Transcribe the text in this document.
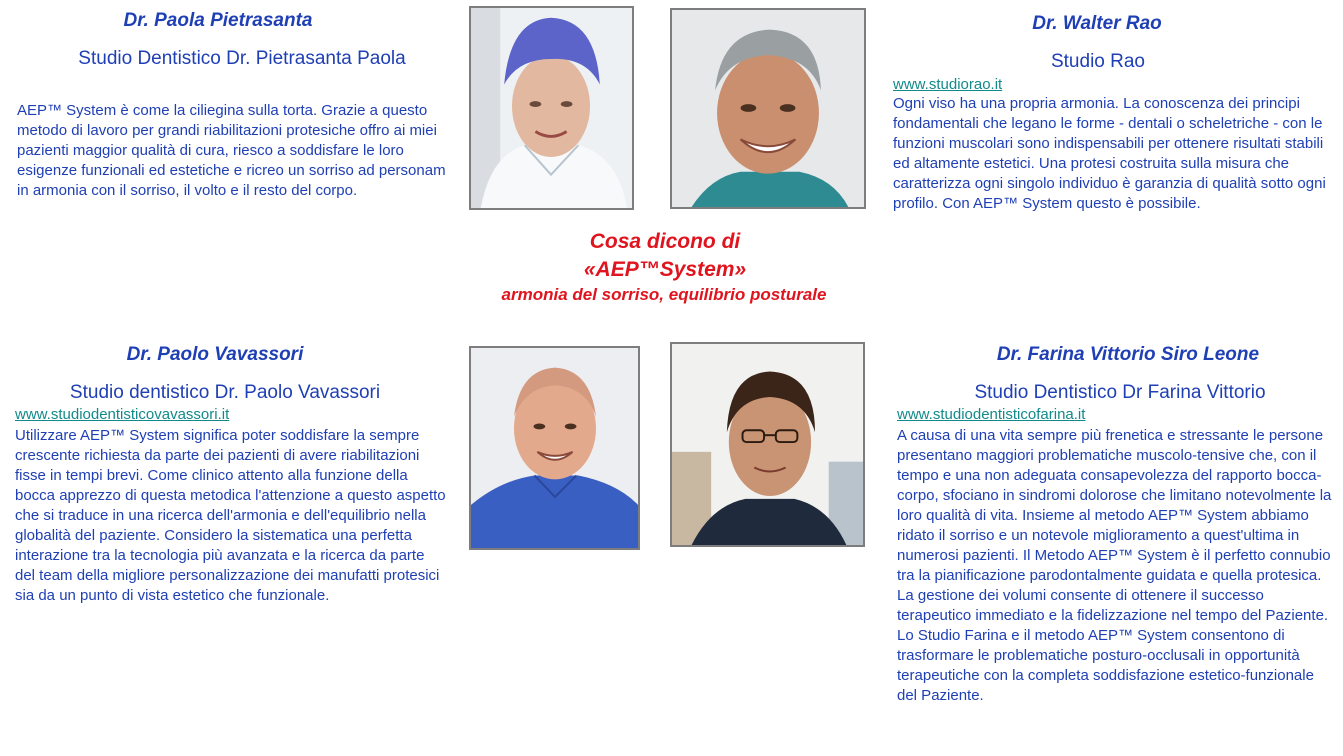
Dr. Paola Pietrasanta
Studio Dentistico Dr. Pietrasanta Paola
AEP™ System è come la ciliegina sulla torta. Grazie a questo metodo di lavoro per grandi riabilitazioni protesiche offro ai miei pazienti maggior qualità di cura, riesco a soddisfare le loro esigenze funzionali ed estetiche e ricreo un sorriso ad personam in armonia con il sorriso, il volto e il resto del corpo.
Dr. Walter Rao
Studio Rao
www.studiorao.it
Ogni viso ha una propria armonia. La conoscenza dei principi fondamentali che legano le forme - dentali o scheletriche - con le funzioni muscolari sono indispensabili per ottenere risultati stabili ed altamente estetici. Una protesi costruita sulla misura che caratterizza ogni singolo individuo è garanzia di qualità sotto ogni profilo. Con AEP™ System questo è possibile.
Cosa dicono di
«AEP™System»
armonia del sorriso, equilibrio posturale
Dr. Paolo Vavassori
Studio dentistico Dr. Paolo Vavassori
www.studiodentisticovavassori.it
Utilizzare AEP™ System significa poter soddisfare la sempre crescente richiesta da parte dei pazienti di avere riabilitazioni fisse in tempi brevi. Come clinico attento alla funzione della bocca apprezzo di questa metodica l'attenzione a questo aspetto che si traduce in una ricerca dell'armonia e dell'equilibrio nella globalità del paziente. Considero la sistematica una perfetta interazione tra la tecnologia più avanzata e la ricerca da parte del team della migliore personalizzazione dei manufatti protesici sia da un punto di vista estetico che funzionale.
Dr. Farina Vittorio Siro Leone
Studio Dentistico Dr Farina Vittorio
www.studiodentisticofarina.it
A causa di una vita sempre più frenetica e stressante le persone presentano maggiori problematiche muscolo-tensive che, con il tempo e una non adeguata consapevolezza del rapporto bocca-corpo, sfociano in sindromi dolorose che limitano notevolmente la loro qualità di vita. Insieme al metodo AEP™ System abbiamo ridato il sorriso e un notevole miglioramento a quest'ultima in numerosi pazienti. Il Metodo AEP™ System è il perfetto connubio tra la pianificazione parodontalmente guidata e quella protesica. La gestione dei volumi consente di ottenere il successo terapeutico immediato e la fidelizzazione nel tempo del Paziente. Lo Studio Farina e il metodo AEP™ System consentono di trasformare le problematiche posturo-occlusali in opportunità terapeutiche con la completa soddisfazione estetico-funzionale del Paziente.
